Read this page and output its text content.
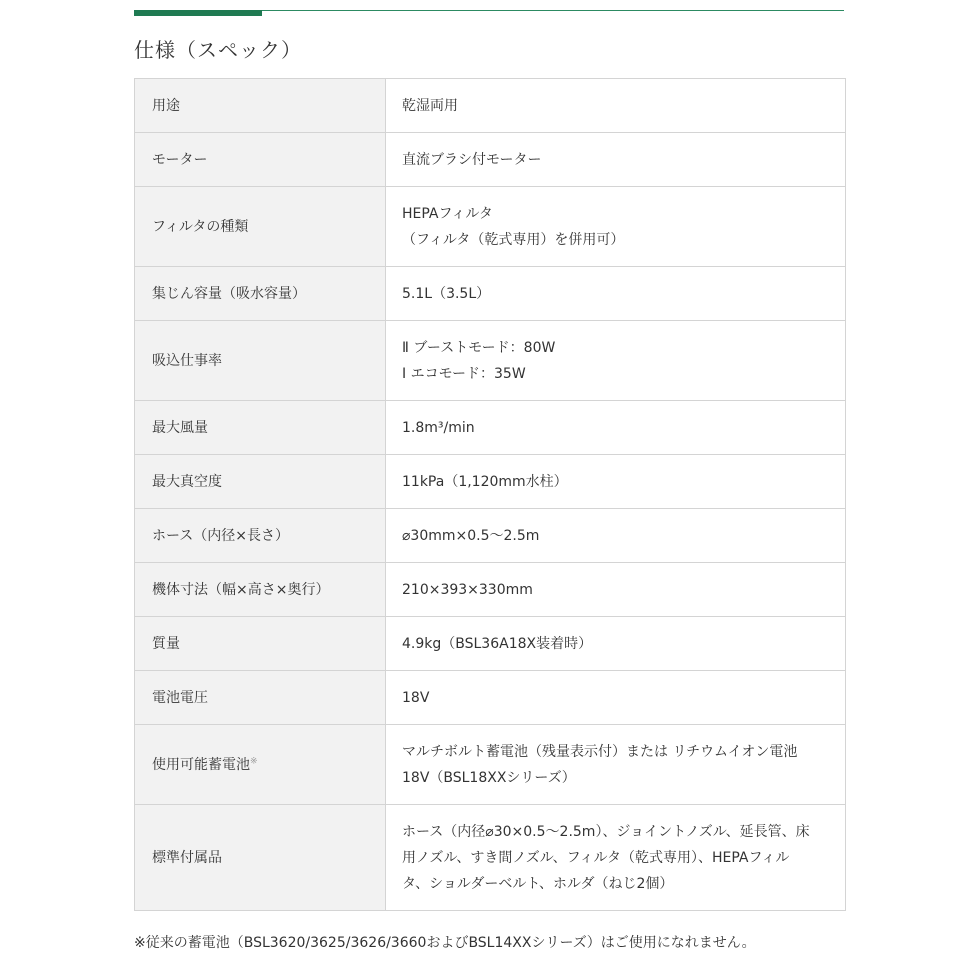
仕様（スペック）
用途	乾湿両用

モーター	直流ブラシ付モーター

フィルタの種類	HEPAフィルタ
（フィルタ（乾式専用）を併用可）

集じん容量（吸水容量）	5.1L（3.5L）

吸込仕事率	Ⅱ ブーストモード：80W
Ⅰ エコモード：35W

最大風量	1.8m³/min

最大真空度	11kPa（1,120mm水柱）

ホース（内径×長さ）	⌀30mm×0.5〜2.5m

機体寸法（幅×高さ×奥行）	210×393×330mm

質量	4.9kg（BSL36A18X装着時）

電池電圧	18V

使用可能蓄電池※	マルチボルト蓄電池（残量表示付）または リチウムイオン電池
18V（BSL18XXシリーズ）

標準付属品	ホース（内径⌀30×0.5〜2.5m）、ジョイントノズル、延長管、床
用ノズル、すき間ノズル、フィルタ（乾式専用）、HEPAフィル
タ、ショルダーベルト、ホルダ（ねじ2個）

※従来の蓄電池（BSL3620/3625/3626/3660およびBSL14XXシリーズ）はご使用になれません。
